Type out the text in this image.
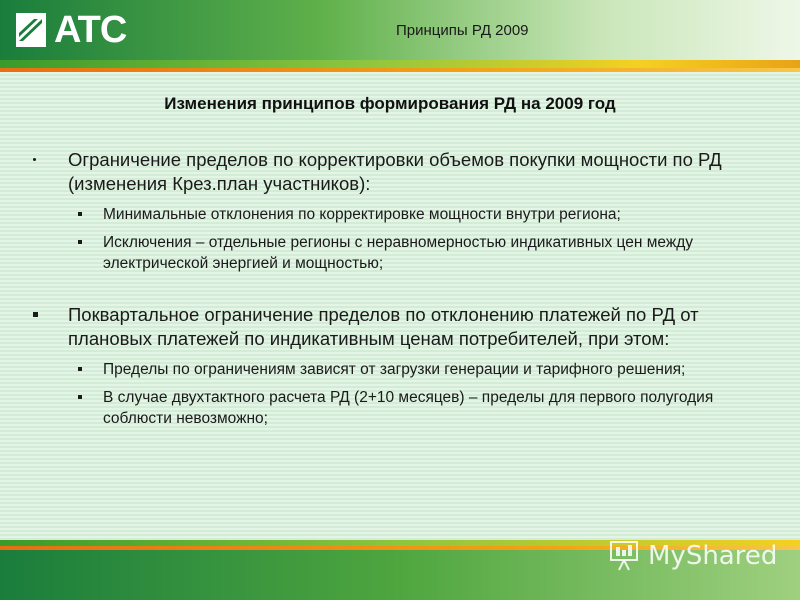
ATC	Принципы РД 2009
Изменения принципов формирования РД на 2009 год
Ограничение пределов по корректировки объемов покупки мощности по РД (изменения Крез.план участников):
Минимальные отклонения по корректировке мощности внутри региона;
Исключения – отдельные регионы с неравномерностью индикативных цен между электрической энергией и мощностью;
Поквартальное ограничение пределов по отклонению платежей по РД от плановых платежей по индикативным ценам потребителей, при этом:
Пределы по ограничениям зависят от загрузки генерации и тарифного решения;
В случае двухтактного расчета РД (2+10 месяцев) – пределы для первого полугодия соблюсти невозможно;
MyShared
